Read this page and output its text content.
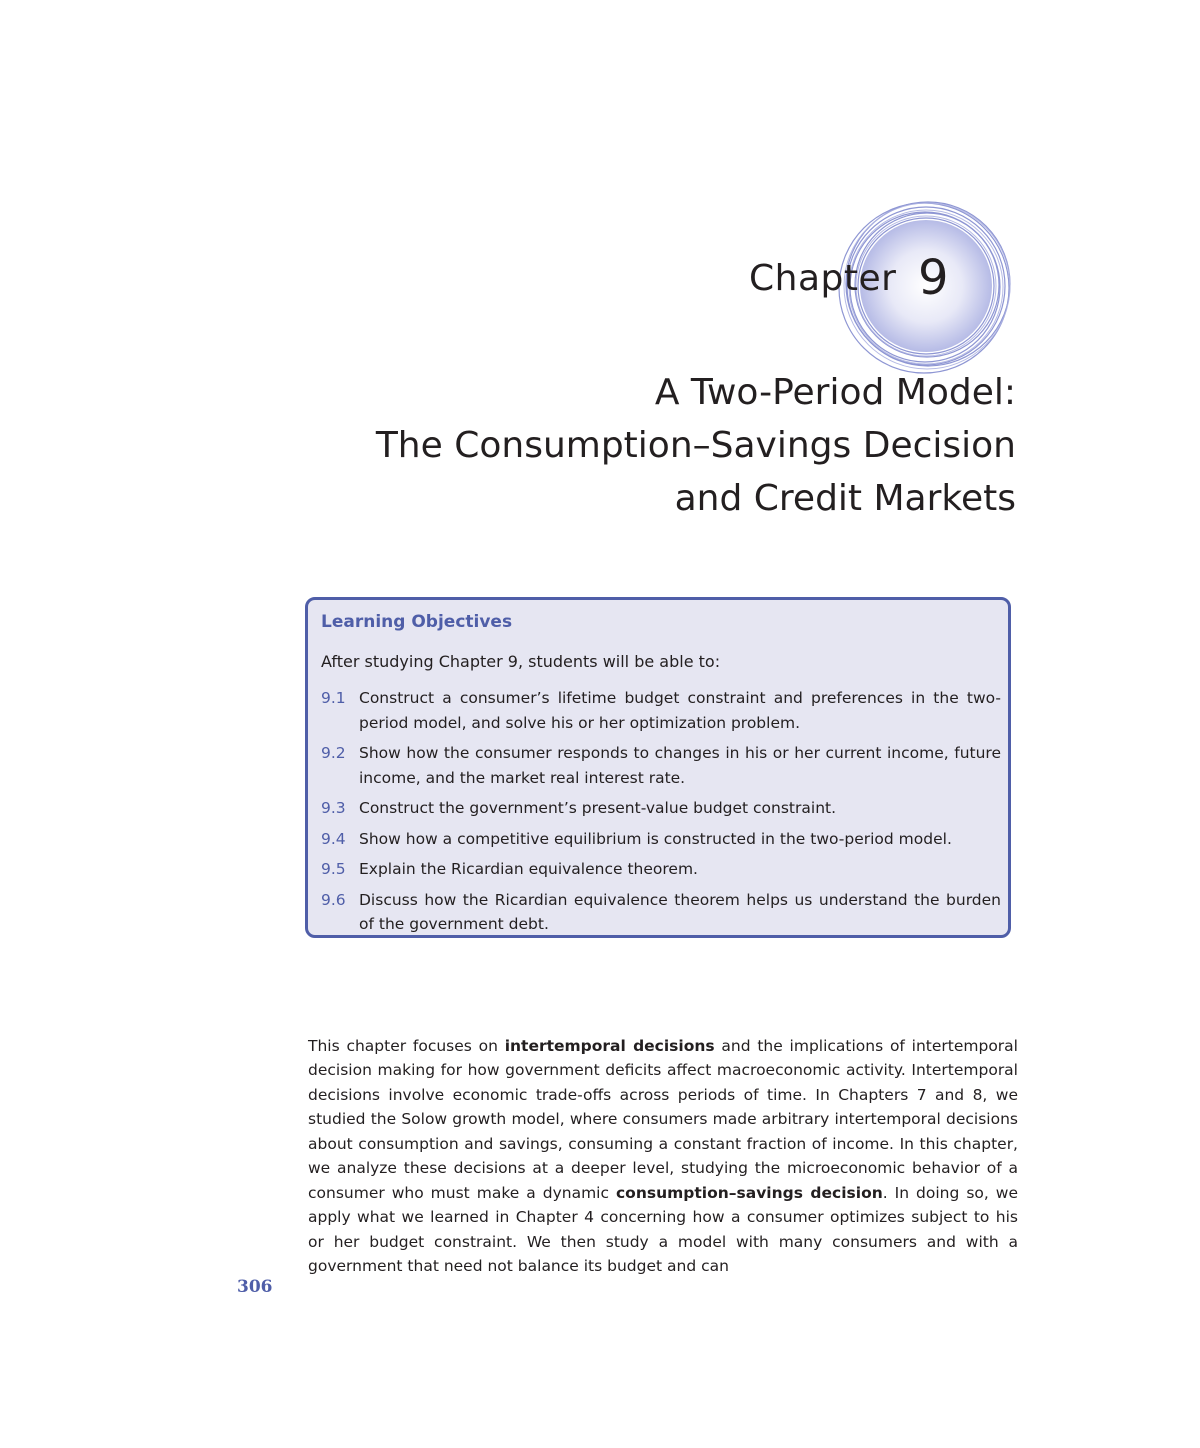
Chapter 9
A Two-Period Model:
The Consumption–Savings Decision
and Credit Markets
Learning Objectives
After studying Chapter 9, students will be able to:
9.1 Construct a consumer’s lifetime budget constraint and preferences in the two-period model, and solve his or her optimization problem.
9.2 Show how the consumer responds to changes in his or her current income, future income, and the market real interest rate.
9.3 Construct the government’s present-value budget constraint.
9.4 Show how a competitive equilibrium is constructed in the two-period model.
9.5 Explain the Ricardian equivalence theorem.
9.6 Discuss how the Ricardian equivalence theorem helps us understand the burden of the government debt.

This chapter focuses on intertemporal decisions and the implications of intertemporal decision making for how government deficits affect macroeconomic activity. Intertemporal decisions involve economic trade-offs across periods of time. In Chapters 7 and 8, we studied the Solow growth model, where consumers made arbitrary intertemporal decisions about consumption and savings, consuming a constant fraction of income. In this chapter, we analyze these decisions at a deeper level, studying the microeconomic behavior of a consumer who must make a dynamic consumption–savings decision. In doing so, we apply what we learned in Chapter 4 concerning how a consumer optimizes subject to his or her budget constraint. We then study a model with many consumers and with a government that need not balance its budget and can

306
